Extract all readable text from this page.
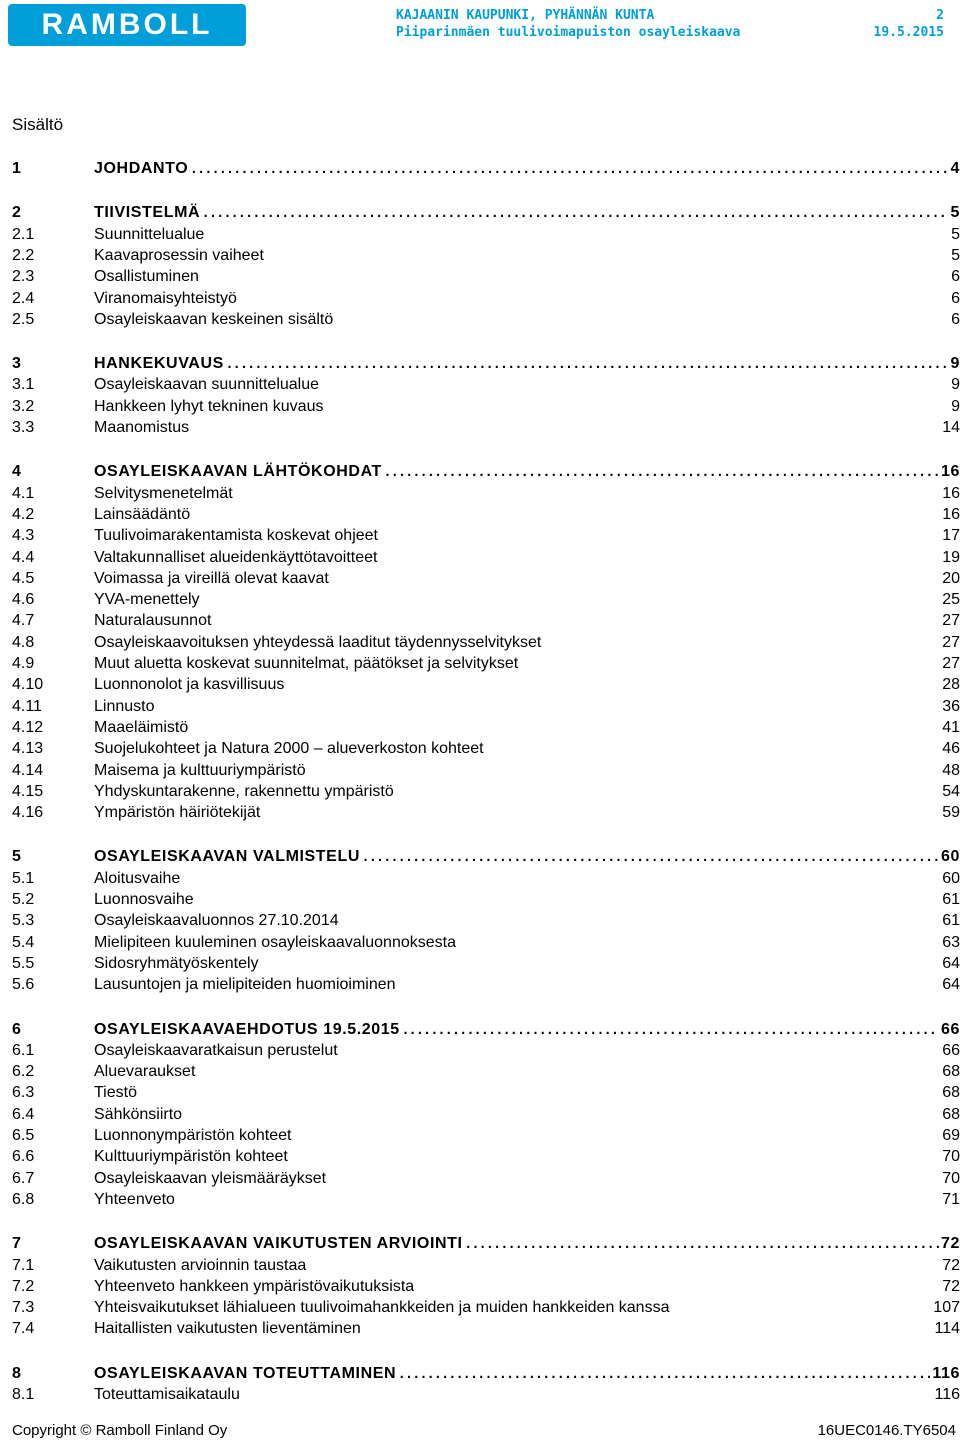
RAMBOLL	KAJAANIN KAUPUNKI, PYHÄNNÄN KUNTA	2
Piiparinmäen tuulivoimapuiston osayleiskaava	19.5.2015
Sisältö
1	JOHDANTO .....	4
2	TIIVISTELMÄ .....	5
2.1	Suunnittelualue	5
2.2	Kaavaprosessin vaiheet	5
2.3	Osallistuminen	6
2.4	Viranomaisyhteistyö	6
2.5	Osayleiskaavan keskeinen sisältö	6
3	HANKEKUVAUS .....	9
3.1	Osayleiskaavan suunnittelualue	9
3.2	Hankkeen lyhyt tekninen kuvaus	9
3.3	Maanomistus	14
4	OSAYLEISKAAVAN LÄHTÖKOHDAT .....	16
4.1	Selvitysmenetelmät	16
4.2	Lainsäädäntö	16
4.3	Tuulivoimarakentamista koskevat ohjeet	17
4.4	Valtakunnalliset alueidenkäyttötavoitteet	19
4.5	Voimassa ja vireillä olevat kaavat	20
4.6	YVA-menettely	25
4.7	Naturalausunnot	27
4.8	Osayleiskaavoituksen yhteydessä laaditut täydennysselvitykset	27
4.9	Muut aluetta koskevat suunnitelmat, päätökset ja selvitykset	27
4.10	Luonnonolot ja kasvillisuus	28
4.11	Linnusto	36
4.12	Maaeläimistö	41
4.13	Suojelukohteet ja Natura 2000 – alueverkoston kohteet	46
4.14	Maisema ja kulttuuriympäristö	48
4.15	Yhdyskuntarakenne, rakennettu ympäristö	54
4.16	Ympäristön häiriötekijät	59
5	OSAYLEISKAAVAN VALMISTELU .....	60
5.1	Aloitusvaihe	60
5.2	Luonnosvaihe	61
5.3	Osayleiskaavaluonnos 27.10.2014	61
5.4	Mielipiteen kuuleminen osayleiskaavaluonnoksesta	63
5.5	Sidosryhmätyöskentely	64
5.6	Lausuntojen ja mielipiteiden huomioiminen	64
6	OSAYLEISKAAVAEHDOTUS 19.5.2015 .....	66
6.1	Osayleiskaavaratkaisun perustelut	66
6.2	Aluevaraukset	68
6.3	Tiestö	68
6.4	Sähkönsiirto	68
6.5	Luonnonympäristön kohteet	69
6.6	Kulttuuriympäristön kohteet	70
6.7	Osayleiskaavan yleismääräykset	70
6.8	Yhteenveto	71
7	OSAYLEISKAAVAN VAIKUTUSTEN ARVIOINTI .....	72
7.1	Vaikutusten arvioinnin taustaa	72
7.2	Yhteenveto hankkeen ympäristövaikutuksista	72
7.3	Yhteisvaikutukset lähialueen tuulivoimahankkeiden ja muiden hankkeiden kanssa	107
7.4	Haitallisten vaikutusten lieventäminen	114
8	OSAYLEISKAAVAN TOTEUTTAMINEN .....	116
8.1	Toteuttamisaikataulu	116
Copyright © Ramboll Finland Oy	16UEC0146.TY6504
